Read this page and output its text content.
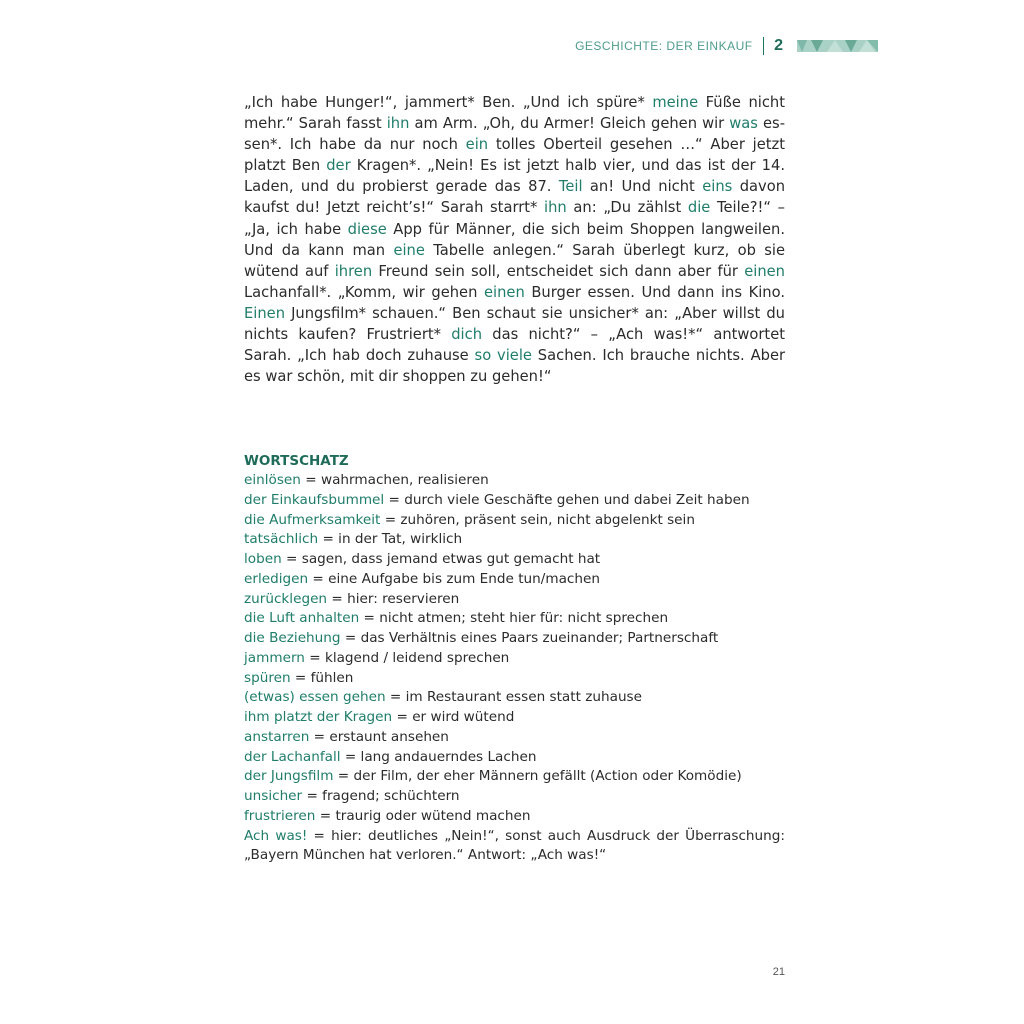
GESCHICHTE: DER EINKAUF 2

„Ich habe Hunger!“, jammert* Ben. „Und ich spüre* meine Füße nicht mehr.“ Sarah fasst ihn am Arm. „Oh, du Armer! Gleich gehen wir was es-sen*. Ich habe da nur noch ein tolles Oberteil gesehen …“ Aber jetzt platzt Ben der Kragen*. „Nein! Es ist jetzt halb vier, und das ist der 14. Laden, und du probierst gerade das 87. Teil an! Und nicht eins davon kaufst du! Jetzt reicht’s!“ Sarah starrt* ihn an: „Du zählst die Teile?!“ – „Ja, ich habe diese App für Männer, die sich beim Shoppen langweilen. Und da kann man eine Tabelle anlegen.“ Sarah überlegt kurz, ob sie wütend auf ihren Freund sein soll, entscheidet sich dann aber für einen Lachanfall*. „Komm, wir gehen einen Burger essen. Und dann ins Kino. Einen Jungsfilm* schauen.“ Ben schaut sie unsicher* an: „Aber willst du nichts kaufen? Frustriert* dich das nicht?“ – „Ach was!*“ antwortet Sarah. „Ich hab doch zuhause so viele Sachen. Ich brauche nichts. Aber es war schön, mit dir shoppen zu gehen!“

WORTSCHATZ
einlösen = wahrmachen, realisieren
der Einkaufsbummel = durch viele Geschäfte gehen und dabei Zeit haben
die Aufmerksamkeit = zuhören, präsent sein, nicht abgelenkt sein
tatsächlich = in der Tat, wirklich
loben = sagen, dass jemand etwas gut gemacht hat
erledigen = eine Aufgabe bis zum Ende tun/machen
zurücklegen = hier: reservieren
die Luft anhalten = nicht atmen; steht hier für: nicht sprechen
die Beziehung = das Verhältnis eines Paars zueinander; Partnerschaft
jammern = klagend / leidend sprechen
spüren = fühlen
(etwas) essen gehen = im Restaurant essen statt zuhause
ihm platzt der Kragen = er wird wütend
anstarren = erstaunt ansehen
der Lachanfall = lang andauerndes Lachen
der Jungsfilm = der Film, der eher Männern gefällt (Action oder Komödie)
unsicher = fragend; schüchtern
frustrieren = traurig oder wütend machen
Ach was! = hier: deutliches „Nein!“, sonst auch Ausdruck der Überraschung: „Bayern München hat verloren.“ Antwort: „Ach was!“
21
